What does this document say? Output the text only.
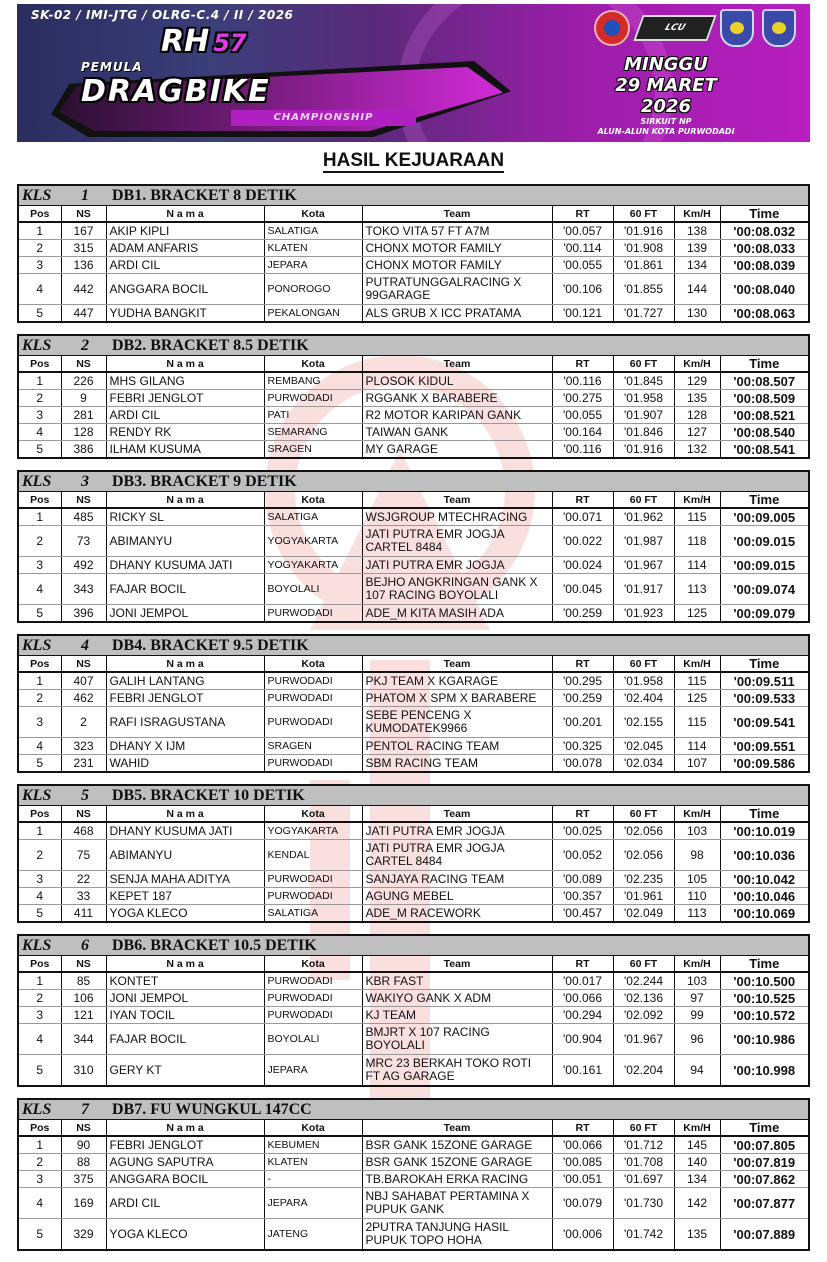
SK-02 / IMI-JTG / OLRG-C.4 / II / 2026
RH 57
PEMULA
DRAGBIKE
CHAMPIONSHIP
LCU
MINGGU
29 MARET
2026
SIRKUIT NP
ALUN-ALUN KOTA PURWODADI
HASIL KEJUARAAN
KLS	1	DB1. BRACKET 8 DETIK
Pos	NS	N a m a	Kota	Team	RT	60 FT	Km/H	Time
1	167	AKIP KIPLI	SALATIGA	TOKO VITA 57 FT A7M	'00.057	'01.916	138	'00:08.032
2	315	ADAM ANFARIS	KLATEN	CHONX MOTOR FAMILY	'00.114	'01.908	139	'00:08.033
3	136	ARDI CIL	JEPARA	CHONX MOTOR FAMILY	'00.055	'01.861	134	'00:08.039
4	442	ANGGARA BOCIL	PONOROGO	PUTRATUNGGALRACING X 99GARAGE	'00.106	'01.855	144	'00:08.040
5	447	YUDHA BANGKIT	PEKALONGAN	ALS GRUB X ICC PRATAMA	'00.121	'01.727	130	'00:08.063
KLS	2	DB2. BRACKET 8.5 DETIK
Pos	NS	N a m a	Kota	Team	RT	60 FT	Km/H	Time
1	226	MHS GILANG	REMBANG	PLOSOK KIDUL	'00.116	'01.845	129	'00:08.507
2	9	FEBRI JENGLOT	PURWODADI	RGGANK X BARABERE	'00.275	'01.958	135	'00:08.509
3	281	ARDI CIL	PATI	R2 MOTOR KARIPAN GANK	'00.055	'01.907	128	'00:08.521
4	128	RENDY RK	SEMARANG	TAIWAN GANK	'00.164	'01.846	127	'00:08.540
5	386	ILHAM KUSUMA	SRAGEN	MY GARAGE	'00.116	'01.916	132	'00:08.541
KLS	3	DB3. BRACKET 9 DETIK
Pos	NS	N a m a	Kota	Team	RT	60 FT	Km/H	Time
1	485	RICKY SL	SALATIGA	WSJGROUP MTECHRACING	'00.071	'01.962	115	'00:09.005
2	73	ABIMANYU	YOGYAKARTA	JATI PUTRA EMR JOGJA CARTEL 8484	'00.022	'01.987	118	'00:09.015
3	492	DHANY KUSUMA JATI	YOGYAKARTA	JATI PUTRA EMR JOGJA	'00.024	'01.967	114	'00:09.015
4	343	FAJAR BOCIL	BOYOLALI	BEJHO ANGKRINGAN GANK X 107 RACING BOYOLALI	'00.045	'01.917	113	'00:09.074
5	396	JONI JEMPOL	PURWODADI	ADE_M KITA MASIH ADA	'00.259	'01.923	125	'00:09.079
KLS	4	DB4. BRACKET 9.5 DETIK
Pos	NS	N a m a	Kota	Team	RT	60 FT	Km/H	Time
1	407	GALIH LANTANG	PURWODADI	PKJ TEAM X KGARAGE	'00.295	'01.958	115	'00:09.511
2	462	FEBRI JENGLOT	PURWODADI	PHATOM X SPM X BARABERE	'00.259	'02.404	125	'00:09.533
3	2	RAFI ISRAGUSTANA	PURWODADI	SEBE PENCENG X KUMODATEK9966	'00.201	'02.155	115	'00:09.541
4	323	DHANY X IJM	SRAGEN	PENTOL RACING TEAM	'00.325	'02.045	114	'00:09.551
5	231	WAHID	PURWODADI	SBM RACING TEAM	'00.078	'02.034	107	'00:09.586
KLS	5	DB5. BRACKET 10 DETIK
Pos	NS	N a m a	Kota	Team	RT	60 FT	Km/H	Time
1	468	DHANY KUSUMA JATI	YOGYAKARTA	JATI PUTRA EMR JOGJA	'00.025	'02.056	103	'00:10.019
2	75	ABIMANYU	KENDAL	JATI PUTRA EMR JOGJA CARTEL 8484	'00.052	'02.056	98	'00:10.036
3	22	SENJA MAHA ADITYA	PURWODADI	SANJAYA RACING TEAM	'00.089	'02.235	105	'00:10.042
4	33	KEPET 187	PURWODADI	AGUNG MEBEL	'00.357	'01.961	110	'00:10.046
5	411	YOGA KLECO	SALATIGA	ADE_M RACEWORK	'00.457	'02.049	113	'00:10.069
KLS	6	DB6. BRACKET 10.5 DETIK
Pos	NS	N a m a	Kota	Team	RT	60 FT	Km/H	Time
1	85	KONTET	PURWODADI	KBR FAST	'00.017	'02.244	103	'00:10.500
2	106	JONI JEMPOL	PURWODADI	WAKIYO GANK X ADM	'00.066	'02.136	97	'00:10.525
3	121	IYAN TOCIL	PURWODADI	KJ TEAM	'00.294	'02.092	99	'00:10.572
4	344	FAJAR BOCIL	BOYOLALI	BMJRT X 107 RACING BOYOLALI	'00.904	'01.967	96	'00:10.986
5	310	GERY KT	JEPARA	MRC 23 BERKAH TOKO ROTI FT AG GARAGE	'00.161	'02.204	94	'00:10.998
KLS	7	DB7. FU WUNGKUL 147CC
Pos	NS	N a m a	Kota	Team	RT	60 FT	Km/H	Time
1	90	FEBRI JENGLOT	KEBUMEN	BSR GANK 15ZONE GARAGE	'00.066	'01.712	145	'00:07.805
2	88	AGUNG SAPUTRA	KLATEN	BSR GANK 15ZONE GARAGE	'00.085	'01.708	140	'00:07.819
3	375	ANGGARA BOCIL	-	TB.BAROKAH ERKA RACING	'00.051	'01.697	134	'00:07.862
4	169	ARDI CIL	JEPARA	NBJ SAHABAT PERTAMINA X PUPUK GANK	'00.079	'01.730	142	'00:07.877
5	329	YOGA KLECO	JATENG	2PUTRA TANJUNG HASIL PUPUK TOPO HOHA	'00.006	'01.742	135	'00:07.889
